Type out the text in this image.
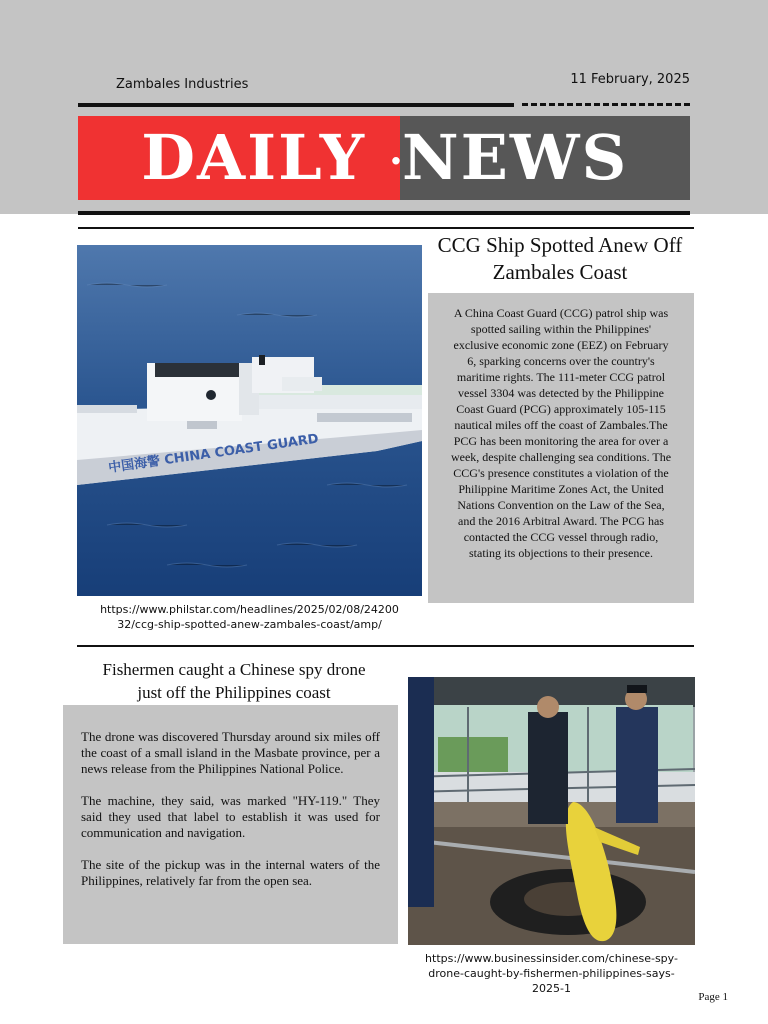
Zambales Industries	11 February, 2025
DAILY NEWS
·
中国海警 CHINA COAST GUARD
CCG Ship Spotted Anew Off Zambales Coast
A China Coast Guard (CCG) patrol ship was spotted sailing within the Philippines' exclusive economic zone (EEZ) on February 6, sparking concerns over the country's maritime rights. The 111-meter CCG patrol vessel 3304 was detected by the Philippine Coast Guard (PCG) approximately 105-115 nautical miles off the coast of Zambales.The PCG has been monitoring the area for over a week, despite challenging sea conditions. The CCG's presence constitutes a violation of the Philippine Maritime Zones Act, the United Nations Convention on the Law of the Sea, and the 2016 Arbitral Award. The PCG has contacted the CCG vessel through radio, stating its objections to their presence.
https://www.philstar.com/headlines/2025/02/08/24200
32/ccg-ship-spotted-anew-zambales-coast/amp/
Fishermen caught a Chinese spy drone
just off the Philippines coast

The drone was discovered Thursday around six miles off the coast of a small island in the Masbate province, per a news release from the Philippines National Police.

The machine, they said, was marked "HY-119." They said they used that label to establish it was used for communication and navigation.

The site of the pickup was in the internal waters of the Philippines, relatively far from the open sea.

https://www.businessinsider.com/chinese-spy-
drone-caught-by-fishermen-philippines-says-
2025-1
Page 1
